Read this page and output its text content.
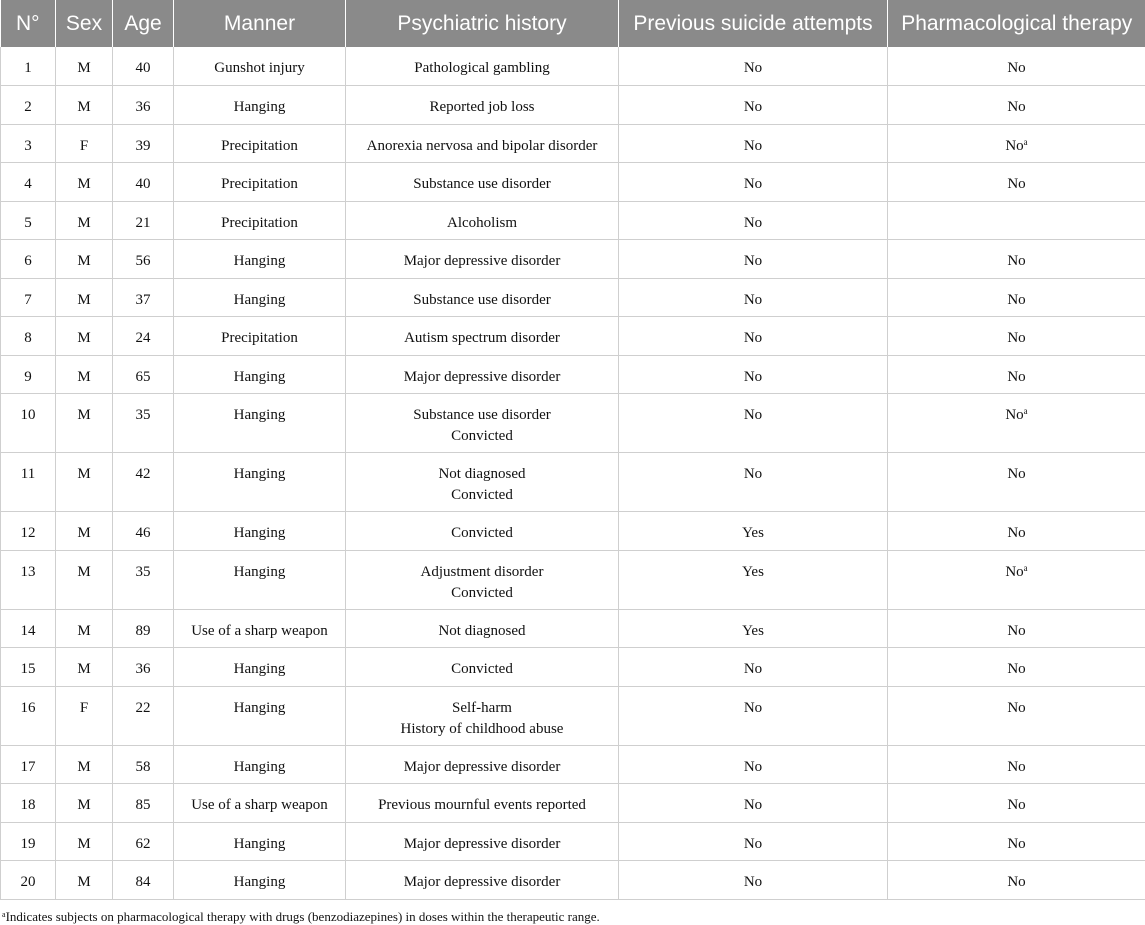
N°	Sex	Age	Manner	Psychiatric history	Previous suicide attempts	Pharmacological therapy
1	M	40	Gunshot injury	Pathological gambling	No	No
2	M	36	Hanging	Reported job loss	No	No
3	F	39	Precipitation	Anorexia nervosa and bipolar disorder	No	No$^a$
4	M	40	Precipitation	Substance use disorder	No	No
5	M	21	Precipitation	Alcoholism	No	
6	M	56	Hanging	Major depressive disorder	No	No
7	M	37	Hanging	Substance use disorder	No	No
8	M	24	Precipitation	Autism spectrum disorder	No	No
9	M	65	Hanging	Major depressive disorder	No	No
10	M	35	Hanging	Substance use disorder
Convicted	No	No$^a$
11	M	42	Hanging	Not diagnosed
Convicted	No	No
12	M	46	Hanging	Convicted	Yes	No
13	M	35	Hanging	Adjustment disorder
Convicted	Yes	No$^a$
14	M	89	Use of a sharp weapon	Not diagnosed	Yes	No
15	M	36	Hanging	Convicted	No	No
16	F	22	Hanging	Self-harm
History of childhood abuse	No	No
17	M	58	Hanging	Major depressive disorder	No	No
18	M	85	Use of a sharp weapon	Previous mournful events reported	No	No
19	M	62	Hanging	Major depressive disorder	No	No
20	M	84	Hanging	Major depressive disorder	No	No
$^a$Indicates subjects on pharmacological therapy with drugs (benzodiazepines) in doses within the therapeutic range.
